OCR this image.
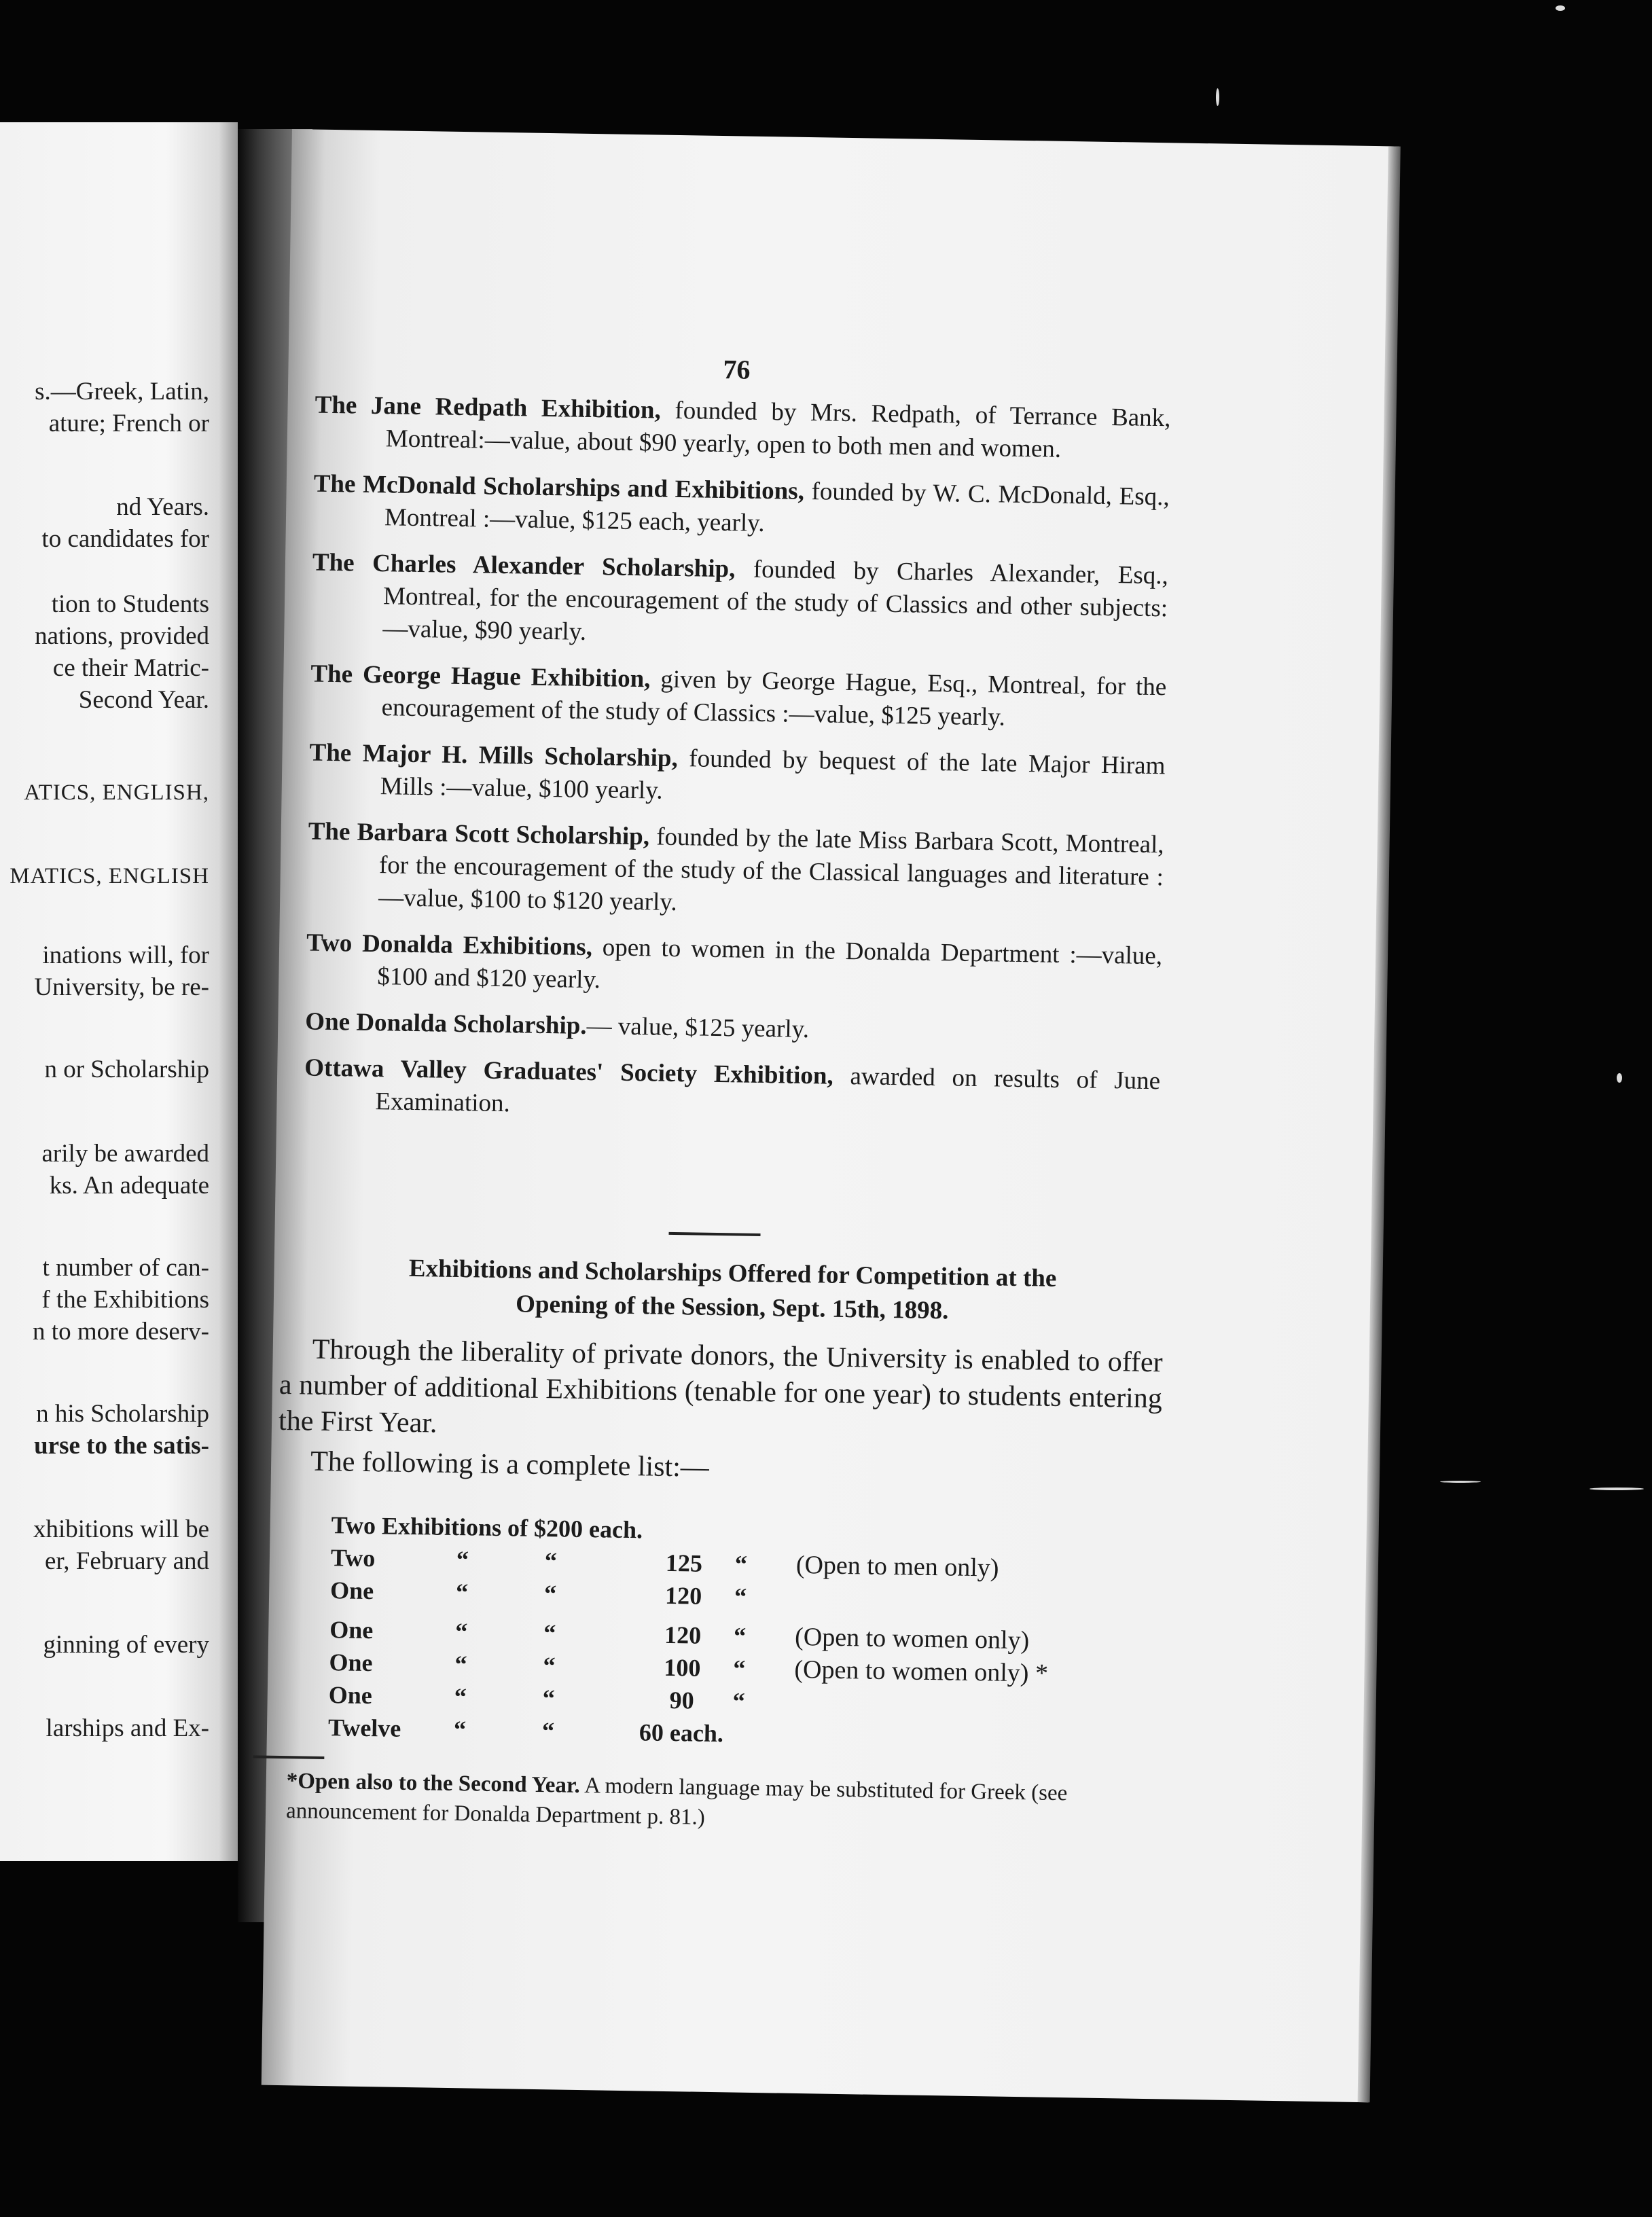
s.—Greek, Latin,
ature; French or
nd Years.
to candidates for
tion to Students
nations, provided
ce their Matric-
Second Year.
ATICS, ENGLISH,
MATICS, ENGLISH
inations will, for
University, be re-
n or Scholarship
arily be awarded
ks. An adequate
t number of can-
f the Exhibitions
n to more deserv-
n his Scholarship
urse to the satis-
xhibitions will be
er, February and
ginning of every
larships and Ex-
76
The Jane Redpath Exhibition, founded by Mrs. Redpath, of Terrance Bank, Montreal:—value, about $90 yearly, open to both men and women.
The McDonald Scholarships and Exhibitions, founded by W. C. McDonald, Esq., Montreal :—value, $125 each, yearly.
The Charles Alexander Scholarship, founded by Charles Alexander, Esq., Montreal, for the encouragement of the study of Classics and other subjects:—value, $90 yearly.
The George Hague Exhibition, given by George Hague, Esq., Montreal, for the encouragement of the study of Classics :—value, $125 yearly.
The Major H. Mills Scholarship, founded by bequest of the late Major Hiram Mills :—value, $100 yearly.
The Barbara Scott Scholarship, founded by the late Miss Barbara Scott, Montreal, for the encouragement of the study of the Classical languages and literature :—value, $100 to $120 yearly.
Two Donalda Exhibitions, open to women in the Donalda Department :—value, $100 and $120 yearly.
One Donalda Scholarship.— value, $125 yearly.
Ottawa Valley Graduates' Society Exhibition, awarded on results of June Examination.
Exhibitions and Scholarships Offered for Competition at the
Opening of the Session, Sept. 15th, 1898.
Through the liberality of private donors, the University is enabled to offer a number of additional Exhibitions (tenable for one year) to students entering the First Year.
The following is a complete list:—
Two Exhibitions of $200 each.					
Two	“	“	125	“	(Open to men only)
One	“	“	120	“	
One	“	“	120	“	(Open to women only)
One	“	“	100	“	(Open to women only) *
One	“	“	90	“	
Twelve	“	“	60 each.		
*Open also to the Second Year. A modern language may be substituted for Greek (see announcement for Donalda Department p. 81.)
